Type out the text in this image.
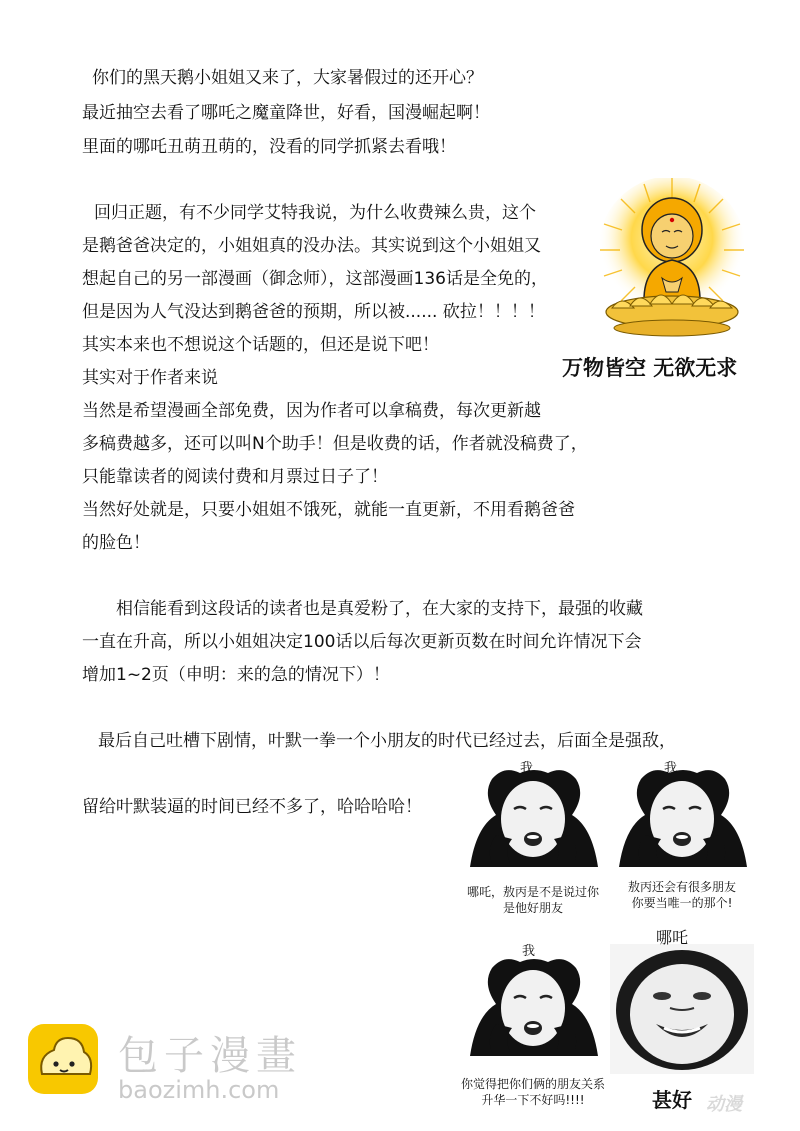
你们的黑天鹅小姐姐又来了，大家暑假过的还开心？

最近抽空去看了哪吒之魔童降世，好看，国漫崛起啊！

里面的哪吒丑萌丑萌的，没看的同学抓紧去看哦！

回归正题，有不少同学艾特我说，为什么收费辣么贵，这个

是鹅爸爸决定的，小姐姐真的没办法。其实说到这个小姐姐又

想起自己的另一部漫画（御念师），这部漫画136话是全免的，

但是因为人气没达到鹅爸爸的预期，所以被...... 砍拉！！！！

其实本来也不想说这个话题的，但还是说下吧！

其实对于作者来说

当然是希望漫画全部免费，因为作者可以拿稿费，每次更新越

多稿费越多，还可以叫N个助手！但是收费的话，作者就没稿费了，

只能靠读者的阅读付费和月票过日子了！

当然好处就是，只要小姐姐不饿死，就能一直更新，不用看鹅爸爸

的脸色！

相信能看到这段话的读者也是真爱粉了，在大家的支持下，最强的收藏

一直在升高，所以小姐姐决定100话以后每次更新页数在时间允许情况下会

增加1~2页（申明：来的急的情况下）！

最后自己吐槽下剧情，叶默一拳一个小朋友的时代已经过去，后面全是强敌，

留给叶默装逼的时间已经不多了，哈哈哈哈！

万物皆空 无欲无求
我
哪吒，敖丙是不是说过你
是他好朋友
我
敖丙还会有很多朋友
你要当唯一的那个!
我
你觉得把你们俩的朋友关系
升华一下不好吗!!!!
哪吒
甚好
包子漫畫
baozimh.com
动漫
